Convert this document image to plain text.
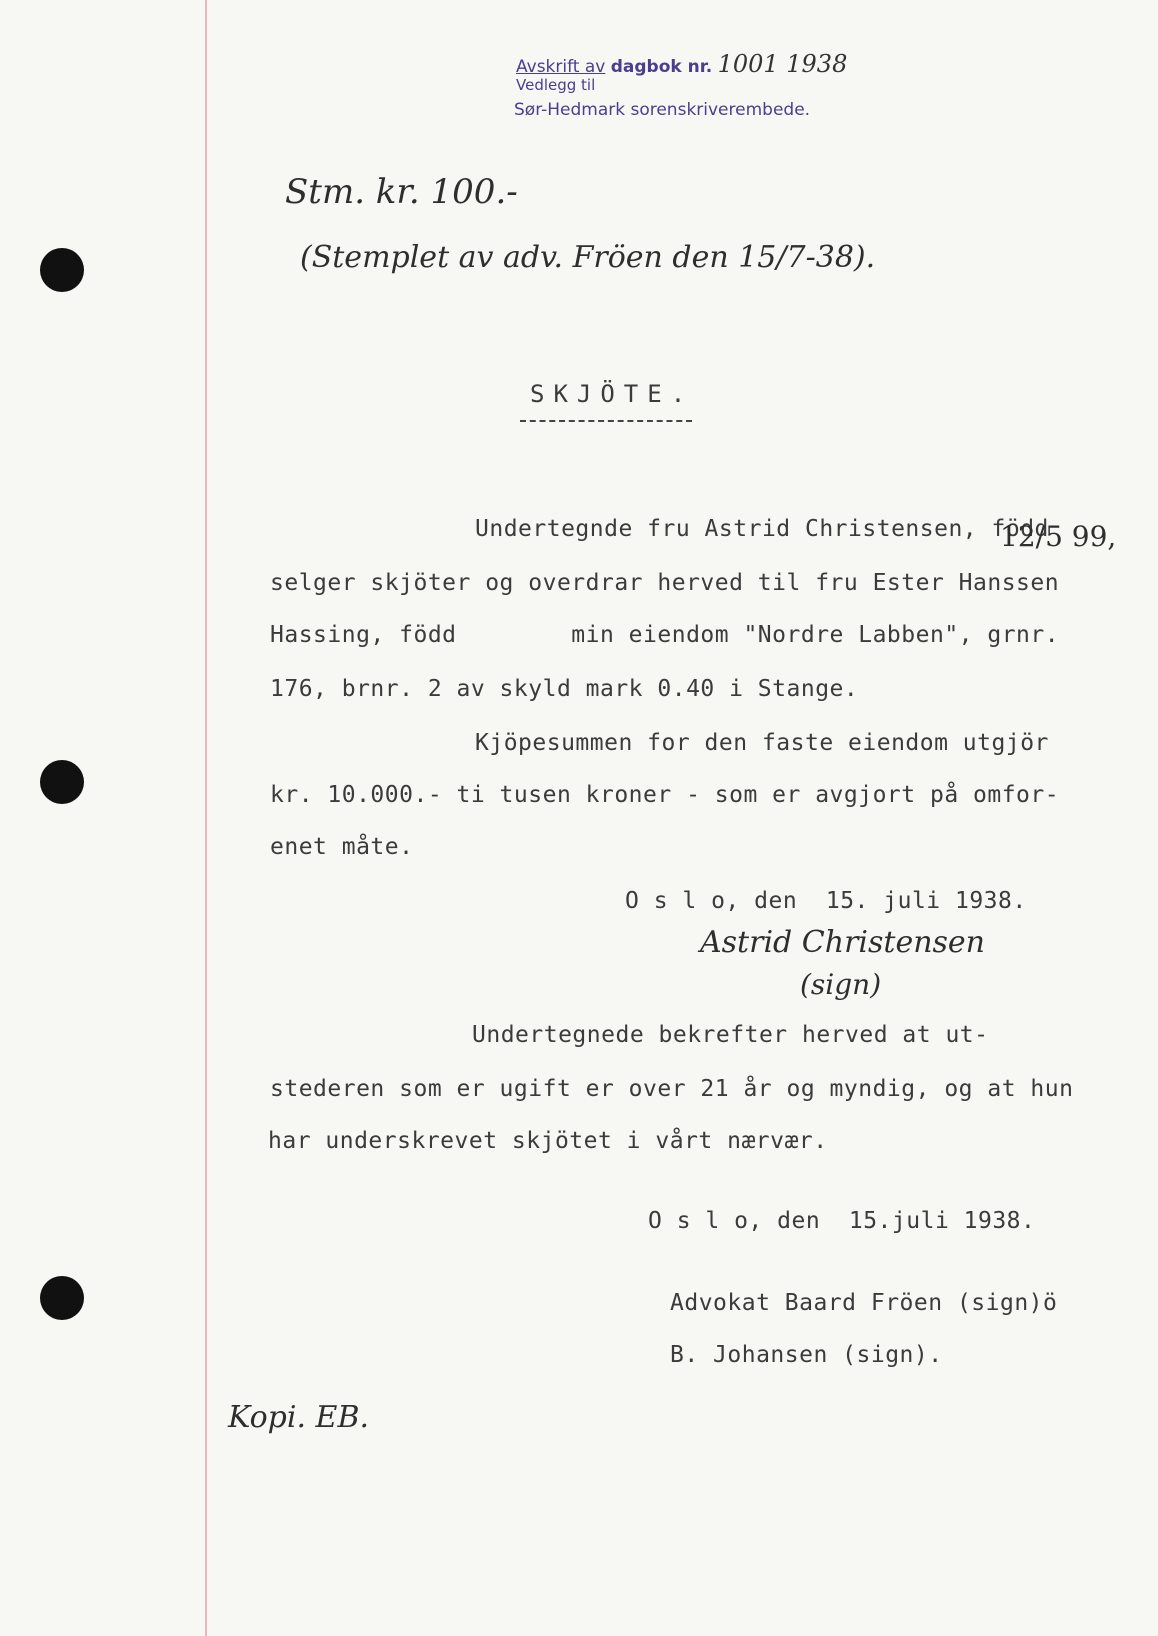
Avskrift av dagbok nr. 1001 1938
Vedlegg til
Sør-Hedmark sorenskriverembede.
Stm. kr. 100.-
(Stemplet av adv. Fröen den 15/7-38).
SKJÖTE.
Undertegnde fru Astrid Christensen, född
12/5 99,
selger skjöter og overdrar herved til fru Ester Hanssen
Hassing, född        min eiendom "Nordre Labben", grnr.
176, brnr. 2 av skyld mark 0.40 i Stange.
Kjöpesummen for den faste eiendom utgjör
kr. 10.000.- ti tusen kroner - som er avgjort på omfor-
enet måte.
O s l o, den  15. juli 1938.
Astrid Christensen
(sign)
Undertegnede bekrefter herved at ut-
stederen som er ugift er over 21 år og myndig, og at hun
har underskrevet skjötet i vårt nærvær.
O s l o, den  15.juli 1938.
Advokat Baard Fröen (sign)ö
B. Johansen (sign).
Kopi. EB.
